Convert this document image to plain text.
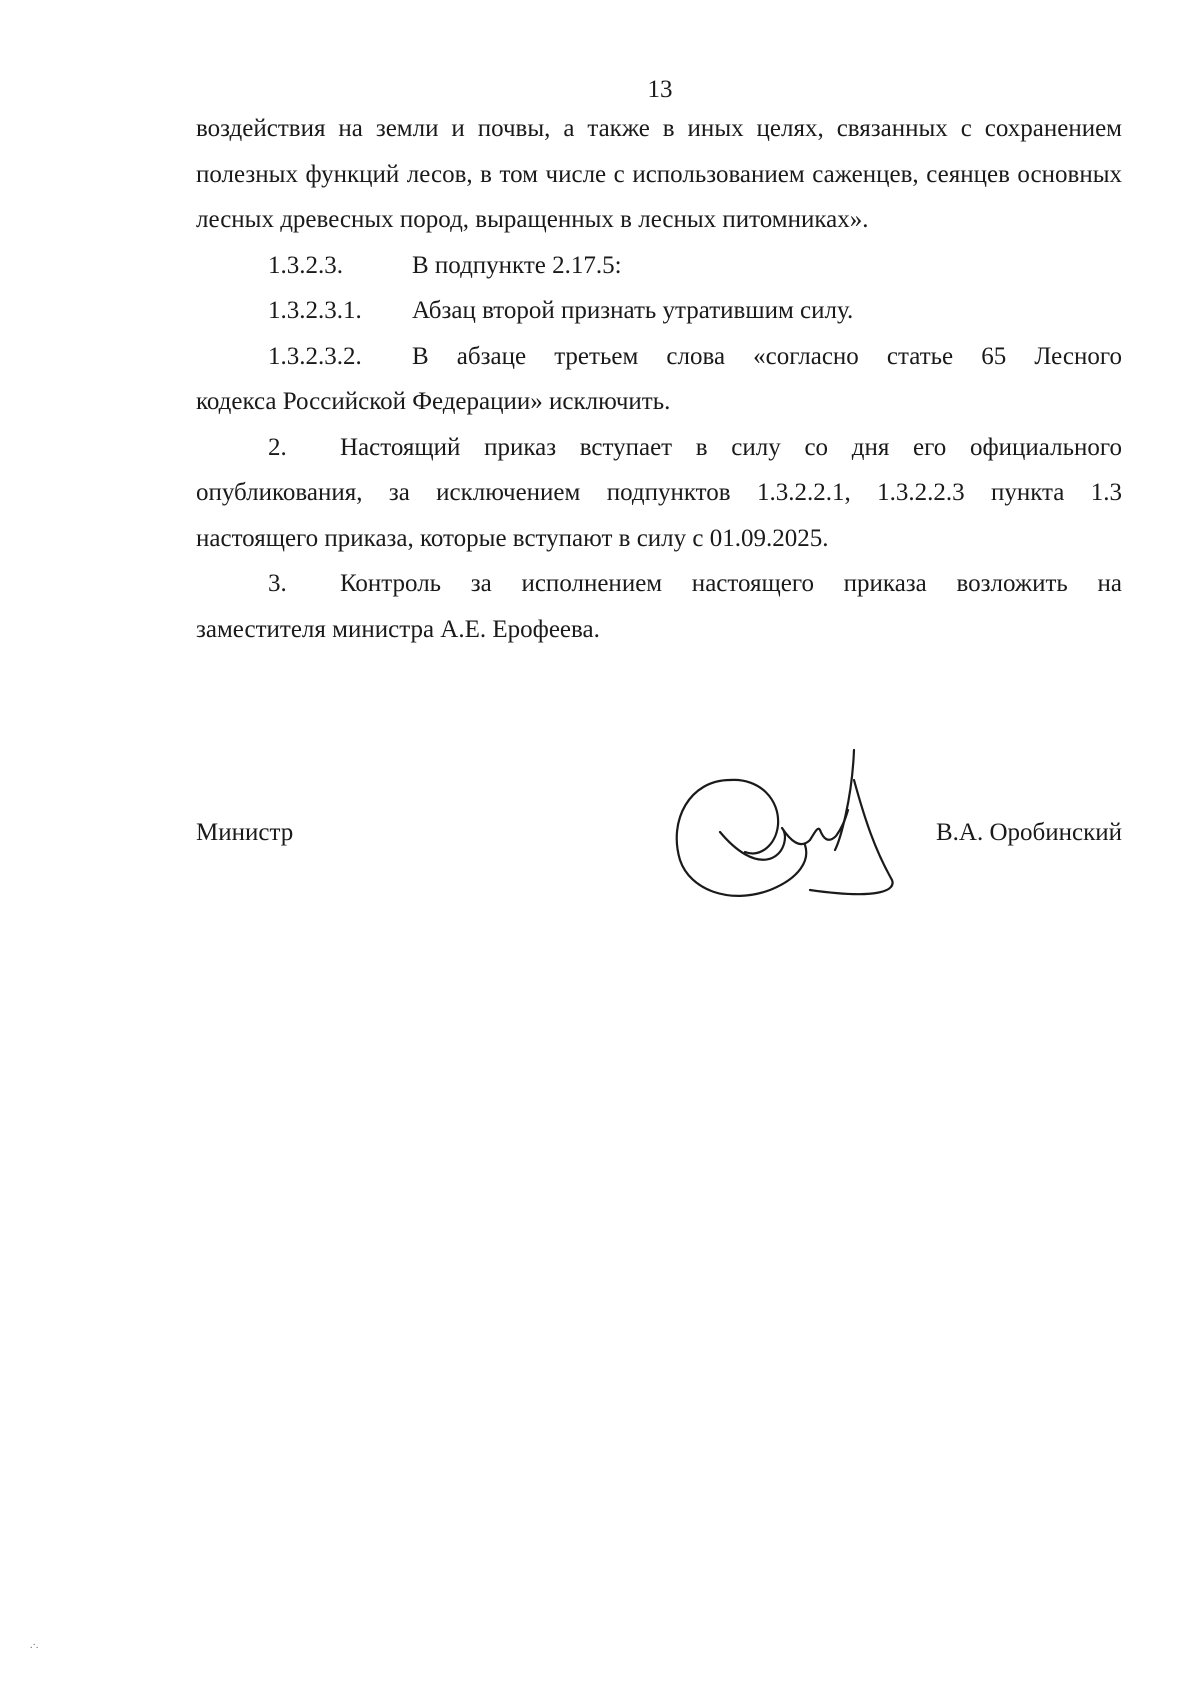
13

воздействия на земли и почвы, а также в иных целях, связанных с сохранением полезных функций лесов, в том числе с использованием саженцев, сеянцев основных лесных древесных пород, выращенных в лесных питомниках».

1.3.2.3.	В подпункте 2.17.5:
1.3.2.3.1.	Абзац второй признать утратившим силу.
1.3.2.3.2.	В абзаце третьем слова «согласно статье 65 Лесного

кодекса Российской Федерации» исключить.

2.	Настоящий приказ вступает в силу со дня его официального

опубликования, за исключением подпунктов 1.3.2.2.1, 1.3.2.2.3 пункта 1.3

настоящего приказа, которые вступают в силу с 01.09.2025.

3.	Контроль за исполнением настоящего приказа возложить на

заместителя министра А.Е. Ерофеева.

Министр	В.А. Оробинский
.·.
